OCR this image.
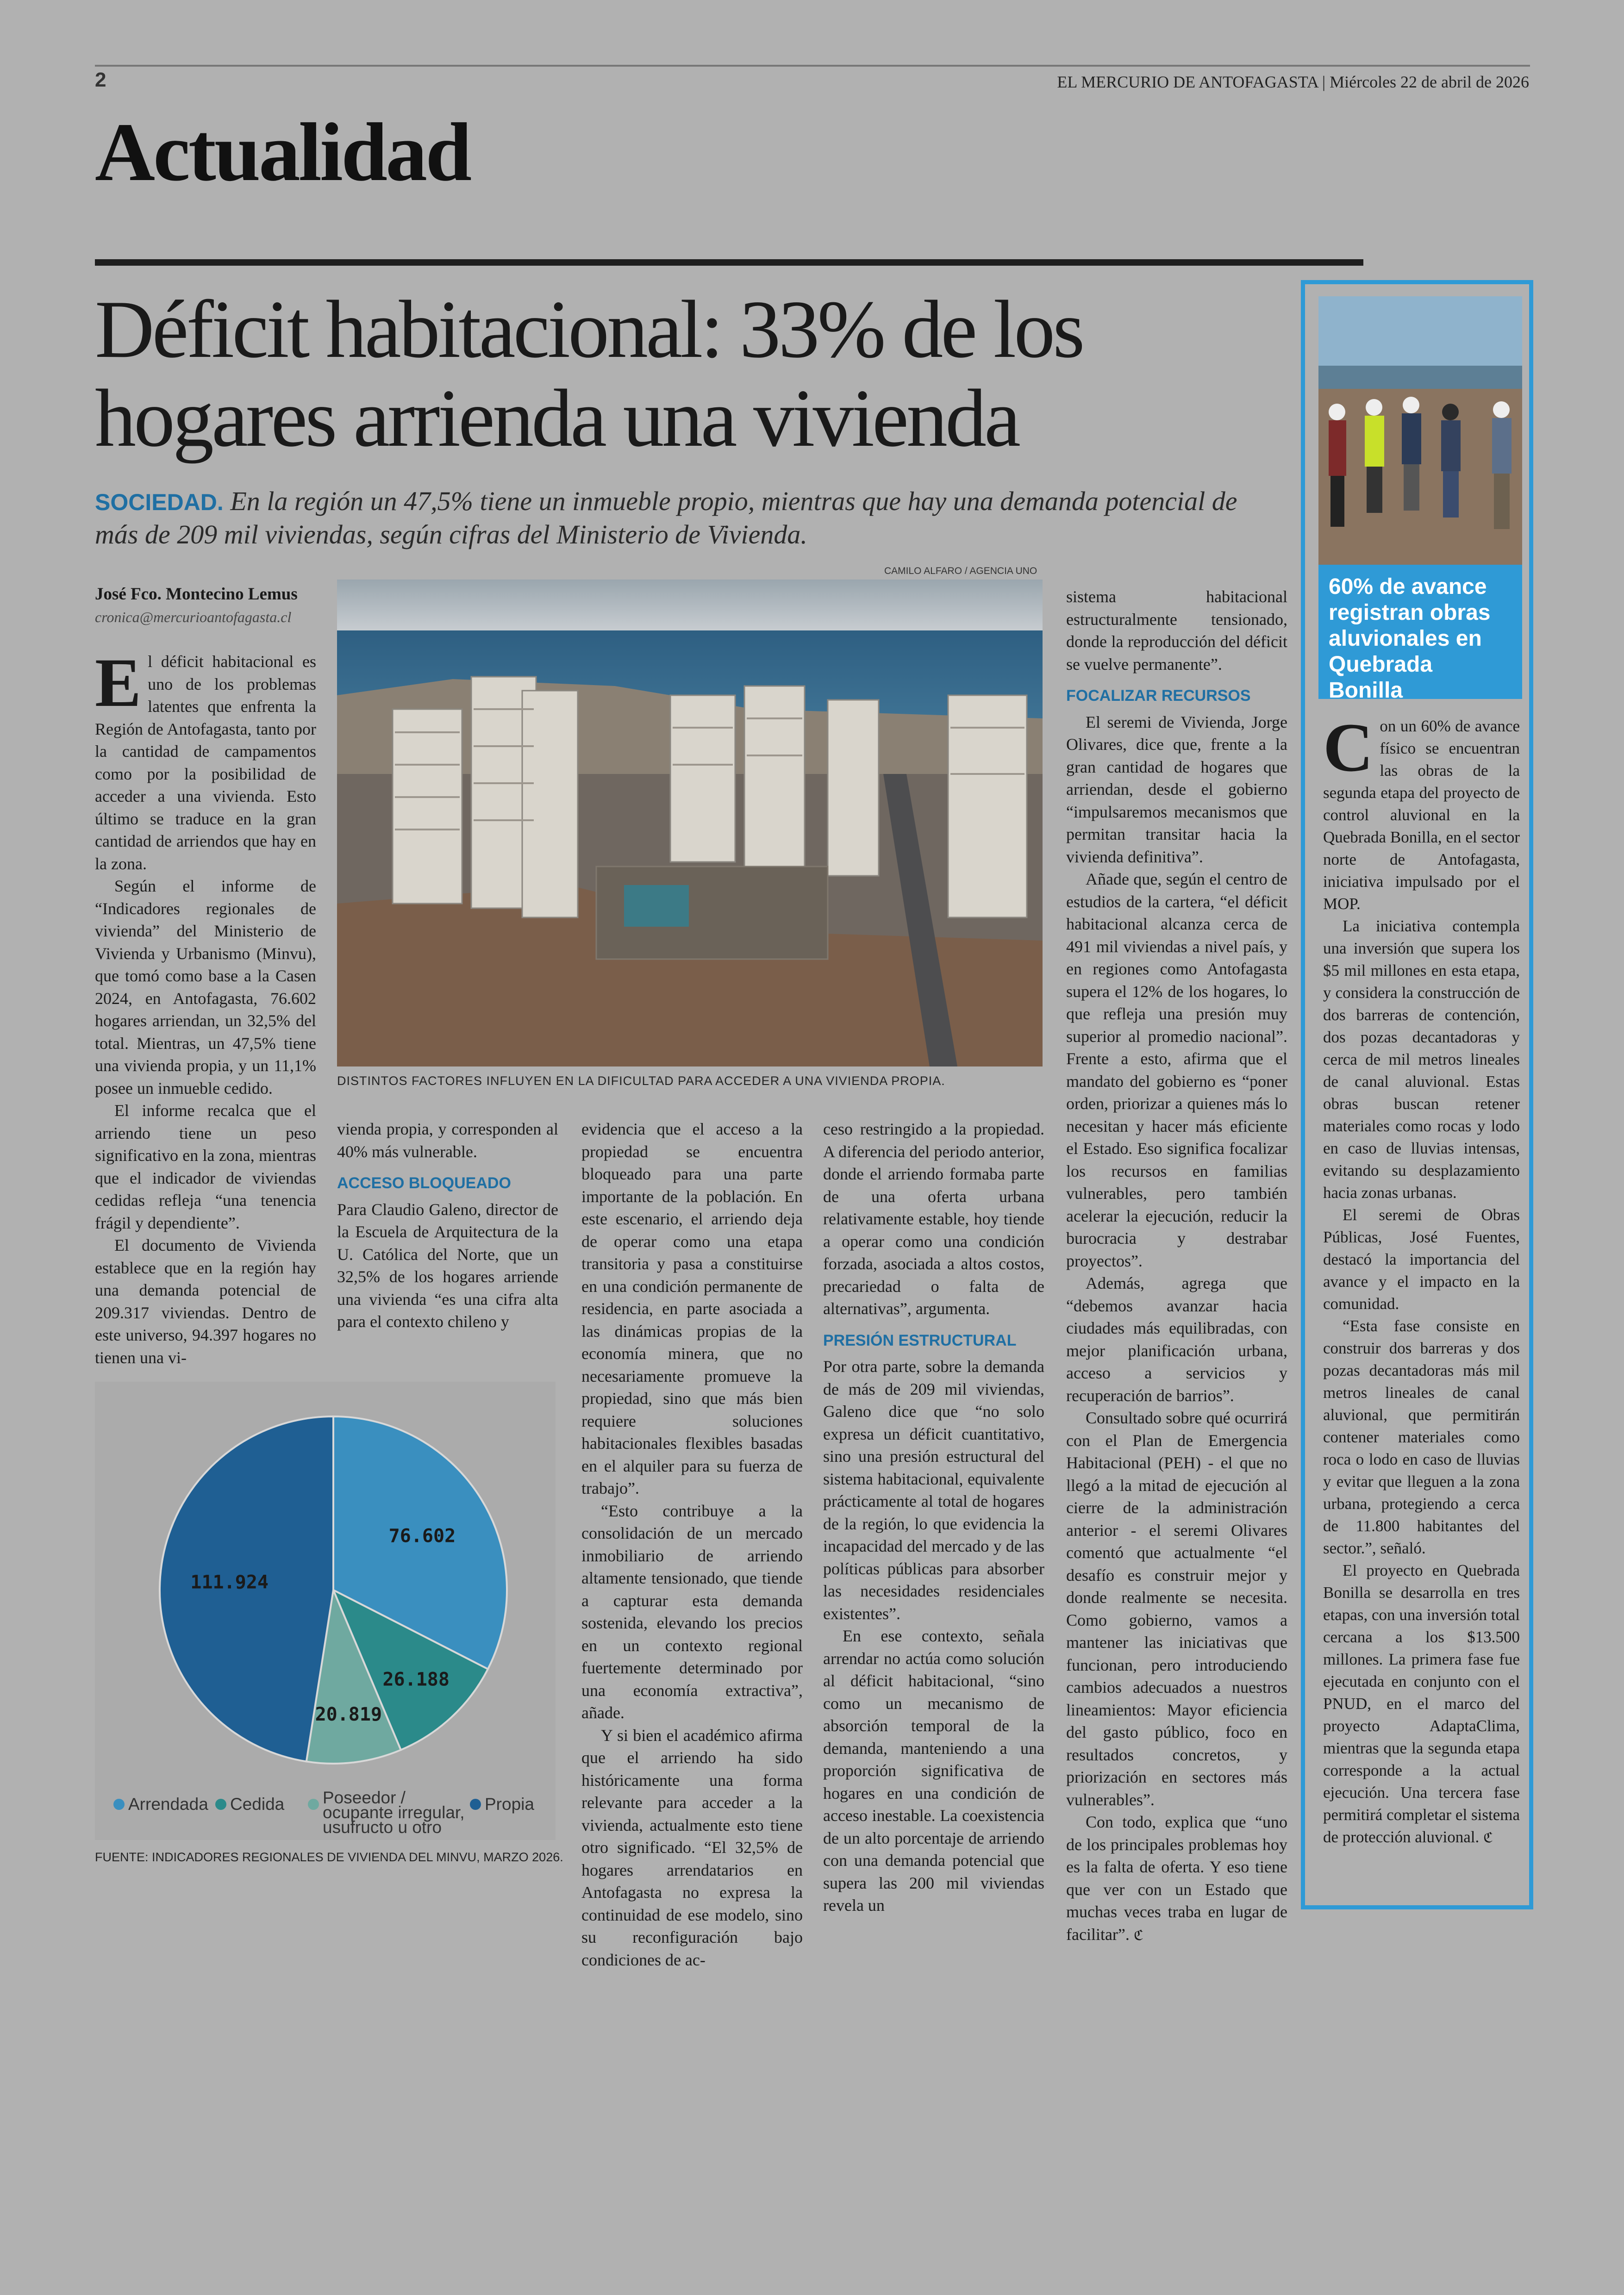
2	EL MERCURIO DE ANTOFAGASTA | Miércoles 22 de abril de 2026
Actualidad
Déficit habitacional: 33% de los hogares arrienda una vivienda
SOCIEDAD. En la región un 47,5% tiene un inmueble propio, mientras que hay una demanda potencial de más de 209 mil viviendas, según cifras del Ministerio de Vivienda.
José Fco. Montecino Lemus
cronica@mercurioantofagasta.cl
CAMILO ALFARO / AGENCIA UNO
DISTINTOS FACTORES INFLUYEN EN LA DIFICULTAD PARA ACCEDER A UNA VIVIENDA PROPIA.
E l déficit habitacional es uno de los problemas latentes que enfrenta la Región de Antofagasta, tanto por la cantidad de campamentos como por la posibilidad de acceder a una vivienda. Esto último se traduce en la gran cantidad de arriendos que hay en la zona.

Según el informe de “Indicadores regionales de vivienda” del Ministerio de Vivienda y Urbanismo (Minvu), que tomó como base a la Casen 2024, en Antofagasta, 76.602 hogares arriendan, un 32,5% del total. Mientras, un 47,5% tiene una vivienda propia, y un 11,1% posee un inmueble cedido.

El informe recalca que el arriendo tiene un peso significativo en la zona, mientras que el indicador de viviendas cedidas refleja “una tenencia frágil y dependiente”.

El documento de Vivienda establece que en la región hay una demanda potencial de 209.317 viviendas. Dentro de este universo, 94.397 hogares no tienen una vi-

vienda propia, y corresponden al 40% más vulnerable.

ACCESO BLOQUEADO

Para Claudio Galeno, director de la Escuela de Arquitectura de la U. Católica del Norte, que un 32,5% de los hogares arriende una vivienda “es una cifra alta para el contexto chileno y

evidencia que el acceso a la propiedad se encuentra bloqueado para una parte importante de la población. En este escenario, el arriendo deja de operar como una etapa transitoria y pasa a constituirse en una condición permanente de residencia, en parte asociada a las dinámicas propias de la economía minera, que no necesariamente promueve la propiedad, sino que más bien requiere soluciones habitacionales flexibles basadas en el alquiler para su fuerza de trabajo”.

“Esto contribuye a la consolidación de un mercado inmobiliario de arriendo altamente tensionado, que tiende a capturar esta demanda sostenida, elevando los precios en un contexto regional fuertemente determinado por una economía extractiva”, añade.

Y si bien el académico afirma que el arriendo ha sido históricamente una forma relevante para acceder a la vivienda, actualmente esto tiene otro significado. “El 32,5% de hogares arrendatarios en Antofagasta no expresa la continuidad de ese modelo, sino su reconfiguración bajo condiciones de ac-

ceso restringido a la propiedad. A diferencia del periodo anterior, donde el arriendo formaba parte de una oferta urbana relativamente estable, hoy tiende a operar como una condición forzada, asociada a altos costos, precariedad o falta de alternativas”, argumenta.

PRESIÓN ESTRUCTURAL

Por otra parte, sobre la demanda de más de 209 mil viviendas, Galeno dice que “no solo expresa un déficit cuantitativo, sino una presión estructural del sistema habitacional, equivalente prácticamente al total de hogares de la región, lo que evidencia la incapacidad del mercado y de las políticas públicas para absorber las necesidades residenciales existentes”.

En ese contexto, señala arrendar no actúa como solución al déficit habitacional, “sino como un mecanismo de absorción temporal de la demanda, manteniendo a una proporción significativa de hogares en una condición de acceso inestable. La coexistencia de un alto porcentaje de arriendo con una demanda potencial que supera las 200 mil viviendas revela un

sistema habitacional estructuralmente tensionado, donde la reproducción del déficit se vuelve permanente”.

FOCALIZAR RECURSOS

El seremi de Vivienda, Jorge Olivares, dice que, frente a la gran cantidad de hogares que arriendan, desde el gobierno “impulsaremos mecanismos que permitan transitar hacia la vivienda definitiva”.

Añade que, según el centro de estudios de la cartera, “el déficit habitacional alcanza cerca de 491 mil viviendas a nivel país, y en regiones como Antofagasta supera el 12% de los hogares, lo que refleja una presión muy superior al promedio nacional”. Frente a esto, afirma que el mandato del gobierno es “poner orden, priorizar a quienes más lo necesitan y hacer más eficiente el Estado. Eso significa focalizar los recursos en familias vulnerables, pero también acelerar la ejecución, reducir la burocracia y destrabar proyectos”.

Además, agrega que “debemos avanzar hacia ciudades más equilibradas, con mejor planificación urbana, acceso a servicios y recuperación de barrios”.

Consultado sobre qué ocurrirá con el Plan de Emergencia Habitacional (PEH) - el que no llegó a la mitad de ejecución al cierre de la administración anterior - el seremi Olivares comentó que actualmente “el desafío es construir mejor y donde realmente se necesita. Como gobierno, vamos a mantener las iniciativas que funcionan, pero introduciendo cambios adecuados a nuestros lineamientos: Mayor eficiencia del gasto público, foco en resultados concretos, y priorización en sectores más vulnerables”.

Con todo, explica que “uno de los principales problemas hoy es la falta de oferta. Y eso tiene que ver con un Estado que muchas veces traba en lugar de facilitar”. ℭ

60% de avance registran obras aluvionales en Quebrada Bonilla
C on un 60% de avance físico se encuentran las obras de la segunda etapa del proyecto de control aluvional en la Quebrada Bonilla, en el sector norte de Antofagasta, iniciativa impulsado por el MOP.

La iniciativa contempla una inversión que supera los $5 mil millones en esta etapa, y considera la construcción de dos barreras de contención, dos pozas decantadoras y cerca de mil metros lineales de canal aluvional. Estas obras buscan retener materiales como rocas y lodo en caso de lluvias intensas, evitando su desplazamiento hacia zonas urbanas.

El seremi de Obras Públicas, José Fuentes, destacó la importancia del avance y el impacto en la comunidad.

“Esta fase consiste en construir dos barreras y dos pozas decantadoras más mil metros lineales de canal aluvional, que permitirán contener materiales como roca o lodo en caso de lluvias y evitar que lleguen a la zona urbana, protegiendo a cerca de 11.800 habitantes del sector.”, señaló.

El proyecto en Quebrada Bonilla se desarrolla en tres etapas, con una inversión total cercana a los $13.500 millones. La primera fase fue ejecutada en conjunto con el PNUD, en el marco del proyecto AdaptaClima, mientras que la segunda etapa corresponde a la actual ejecución. Una tercera fase permitirá completar el sistema de protección aluvional. ℭ

76.602
26.188
20.819
111.924
Arrendada Cedida Poseedor / ocupante irregular, usufructo u otro
Propia
FUENTE: INDICADORES REGIONALES DE VIVIENDA DEL MINVU, MARZO 2026.
